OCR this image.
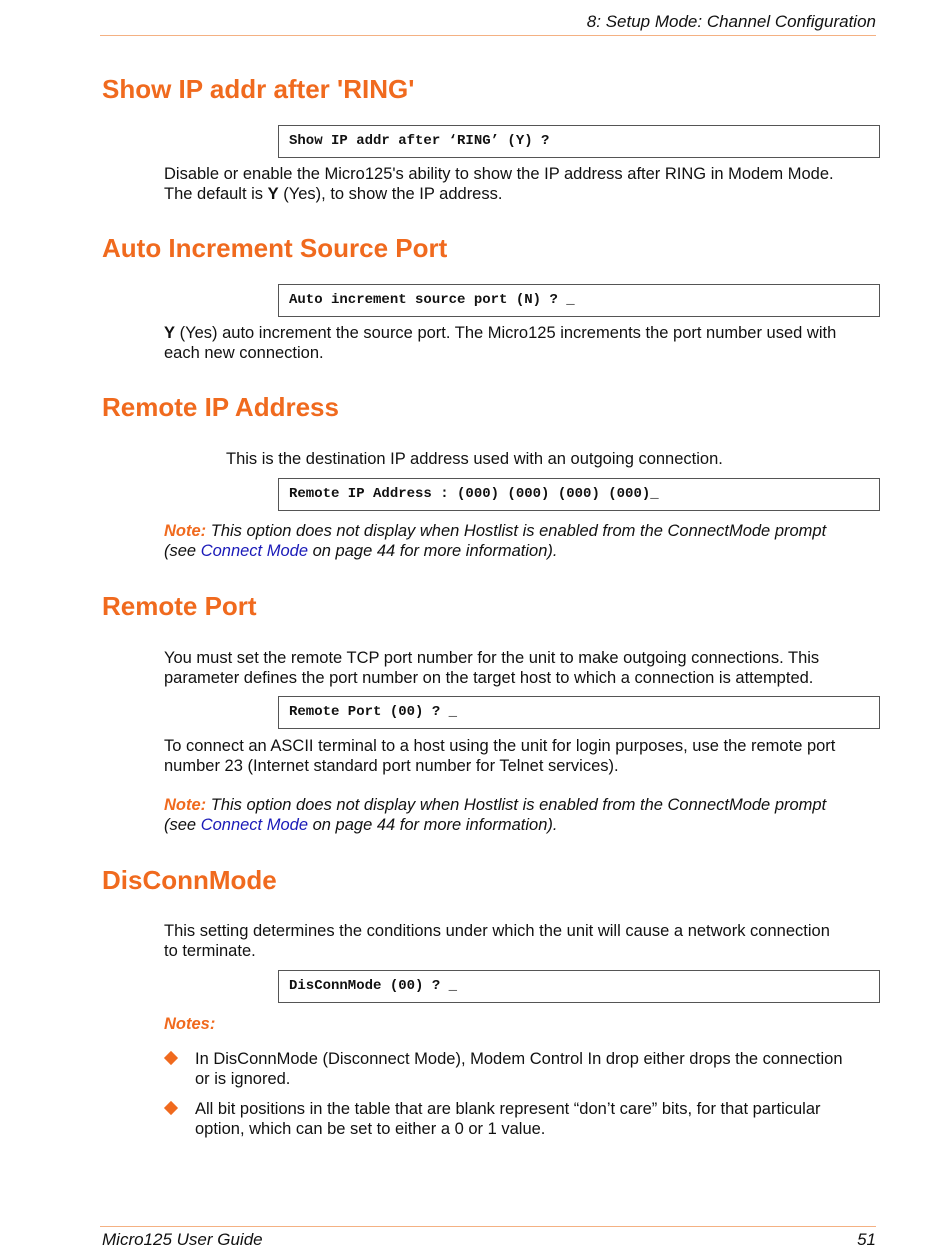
8: Setup Mode: Channel Configuration
Show IP addr after 'RING'
Show IP addr after ‘RING’ (Y) ?
Disable or enable the Micro125's ability to show the IP address after RING in Modem Mode.
The default is Y (Yes), to show the IP address.
Auto Increment Source Port
Auto increment source port (N) ? _
Y (Yes) auto increment the source port. The Micro125 increments the port number used with
each new connection.
Remote IP Address
This is the destination IP address used with an outgoing connection.
Remote IP Address : (000) (000) (000) (000)_
Note: This option does not display when Hostlist is enabled from the ConnectMode prompt
(see Connect Mode on page 44 for more information).
Remote Port
You must set the remote TCP port number for the unit to make outgoing connections. This
parameter defines the port number on the target host to which a connection is attempted.
Remote Port (00) ? _
To connect an ASCII terminal to a host using the unit for login purposes, use the remote port
number 23 (Internet standard port number for Telnet services).
Note: This option does not display when Hostlist is enabled from the ConnectMode prompt
(see Connect Mode on page 44 for more information).
DisConnMode
This setting determines the conditions under which the unit will cause a network connection
to terminate.
DisConnMode (00) ? _
Notes:
In DisConnMode (Disconnect Mode), Modem Control In drop either drops the connection
or is ignored.
All bit positions in the table that are blank represent “don’t care” bits, for that particular
option, which can be set to either a 0 or 1 value.
Micro125 User Guide	51
